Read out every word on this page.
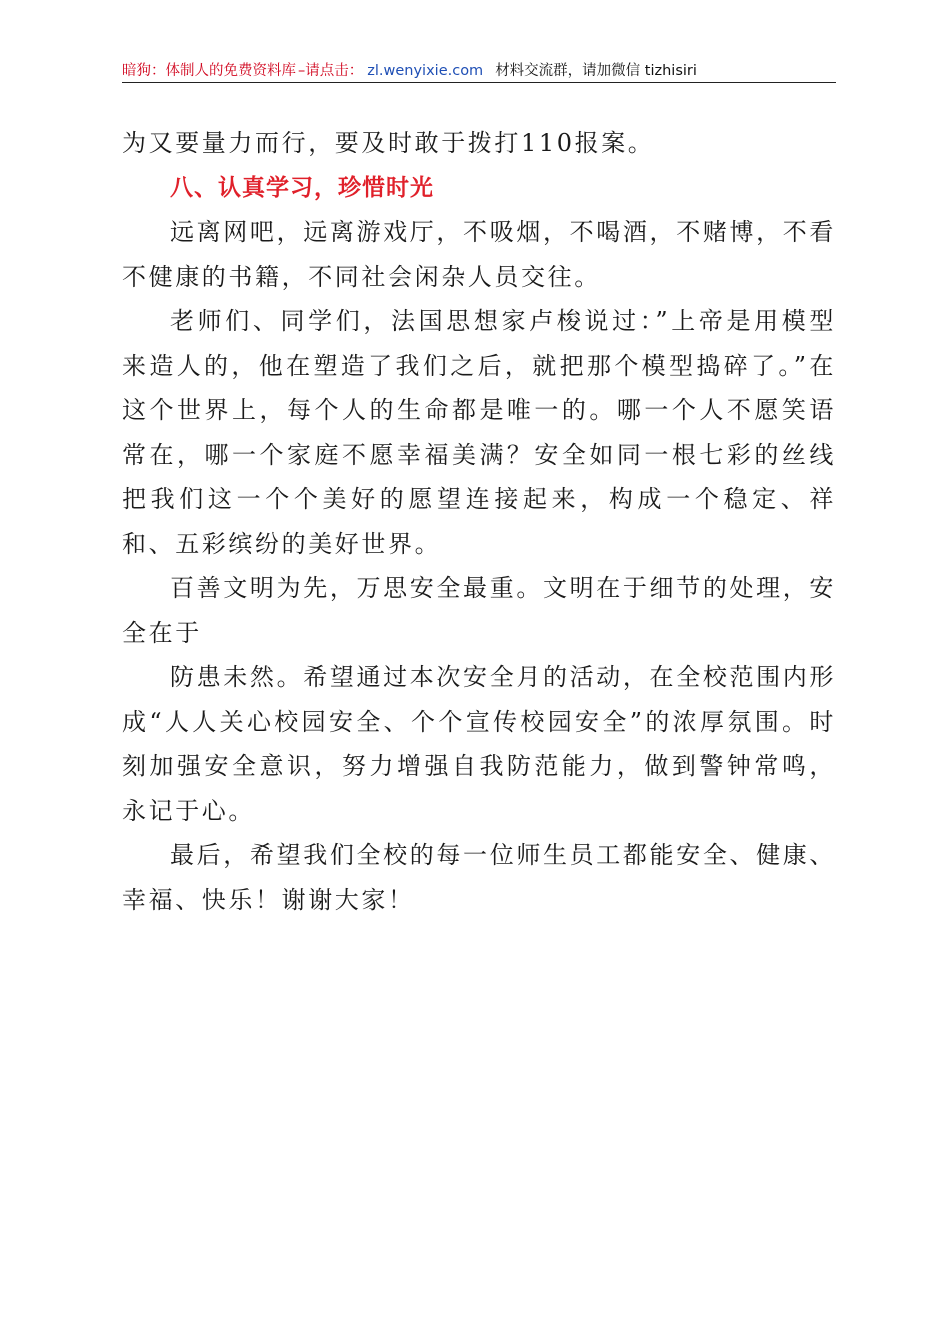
暗狗：体制人的免费资料库 –请点击： zl.wenyixie.com 材料交流群，请加微信 tizhisiri

为又要量力而行，要及时敢于拨打110报案。

八、认真学习，珍惜时光

远离网吧，远离游戏厅，不吸烟，不喝酒，不赌博，不看不健康的书籍，不同社会闲杂人员交往。

老师们、同学们，法国思想家卢梭说过：”上帝是用模型来造人的，他在塑造了我们之后，就把那个模型捣碎了。”在这个世界上，每个人的生命都是唯一的。哪一个人不愿笑语常在，哪一个家庭不愿幸福美满？安全如同一根七彩的丝线把我们这一个个美好的愿望连接起来，构成一个稳定、祥和、五彩缤纷的美好世界。

百善文明为先，万思安全最重。文明在于细节的处理，安全在于

防患未然。希望通过本次安全月的活动，在全校范围内形成“人人关心校园安全、个个宣传校园安全”的浓厚氛围。时刻加强安全意识，努力增强自我防范能力，做到警钟常鸣，永记于心。

最后，希望我们全校的每一位师生员工都能安全、健康、幸福、快乐！谢谢大家！
